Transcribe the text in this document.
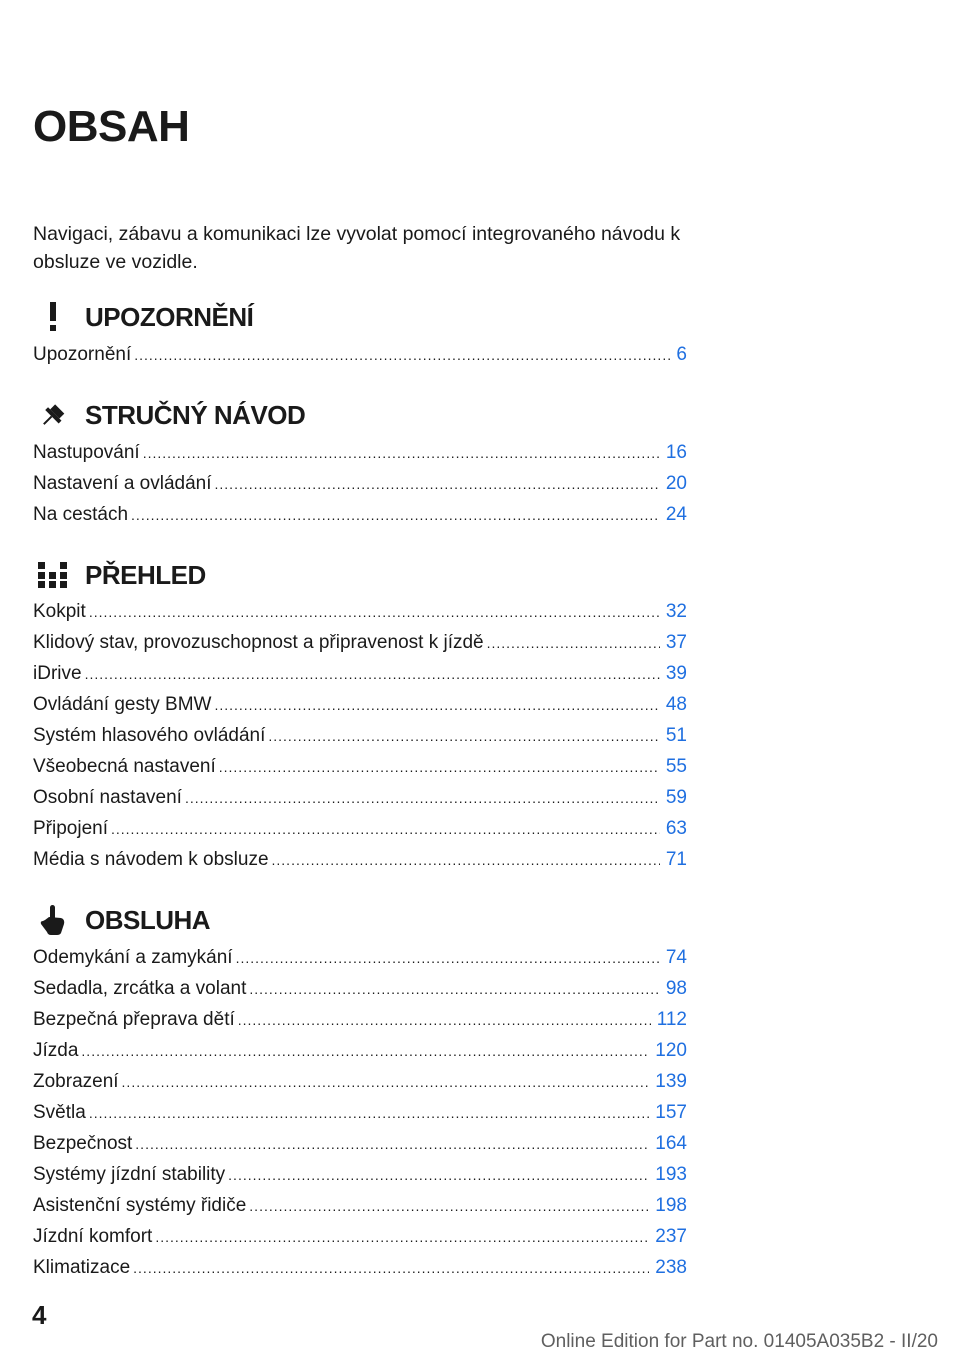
OBSAH

Navigaci, zábavu a komunikaci lze vyvolat pomocí integrovaného návodu k obsluze ve vozidle.

UPOZORNĚNÍ
Upozornění .....	6
STRUČNÝ NÁVOD
Nastupování .....	16
Nastavení a ovládání .....	20
Na cestách .....	24
PŘEHLED
Kokpit .....	32
Klidový stav, provozuschopnost a připravenost k jízdě .....	37
iDrive .....	39
Ovládání gesty BMW .....	48
Systém hlasového ovládání .....	51
Všeobecná nastavení .....	55
Osobní nastavení .....	59
Připojení .....	63
Média s návodem k obsluze .....	71
OBSLUHA
Odemykání a zamykání .....	74
Sedadla, zrcátka a volant .....	98
Bezpečná přeprava dětí .....	112
Jízda .....	120
Zobrazení .....	139
Světla .....	157
Bezpečnost .....	164
Systémy jízdní stability .....	193
Asistenční systémy řidiče .....	198
Jízdní komfort .....	237
Klimatizace .....	238
4
Online Edition for Part no. 01405A035B2 - II/20
